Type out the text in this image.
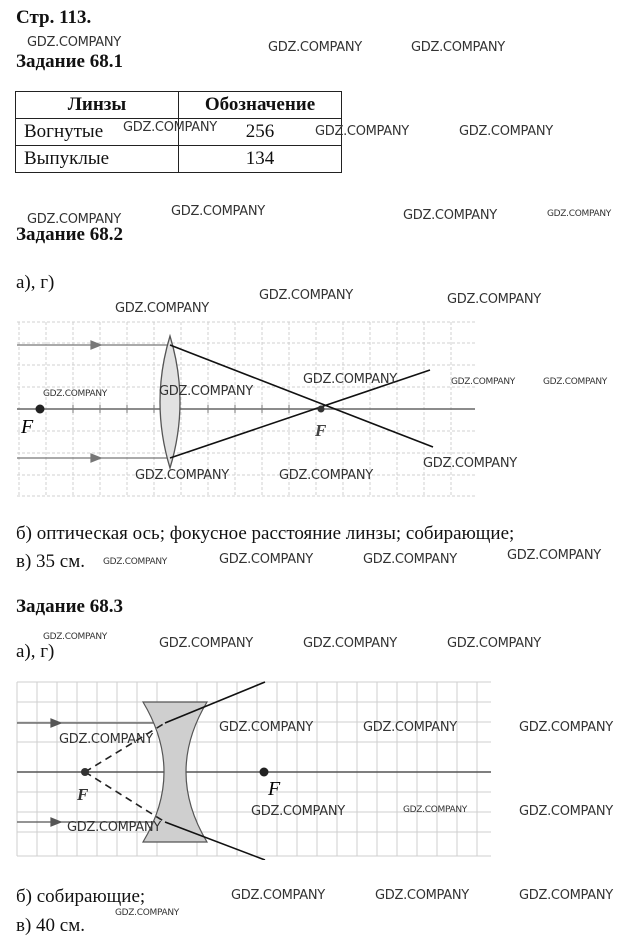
Стр. 113.
Задание 68.1
Линзы	Обозначение
Вогнутые	256
Выпуклые	134
Задание 68.2
а), г)
F	F
б) оптическая ось; фокусное расстояние линзы; собирающие;
в) 35 см.
Задание 68.3
а), г)
F	F
б) собирающие;
в) 40 см.
GDZ.COMPANY	GDZ.COMPANY	GDZ.COMPANY
GDZ.COMPANY	GDZ.COMPANY	GDZ.COMPANY
GDZ.COMPANY
GDZ.COMPANY	GDZ.COMPANY	GDZ.COMPANY
GDZ.COMPANY
GDZ.COMPANY	GDZ.COMPANY
GDZ.COMPANY	GDZ.COMPANY
GDZ.COMPANY	GDZ.COMPANY	GDZ.COMPANY
GDZ.COMPANY	GDZ.COMPANY
GDZ.COMPANY
GDZ.COMPANY	GDZ.COMPANY	GDZ.COMPANY	GDZ.COMPANY
GDZ.COMPANY	GDZ.COMPANY	GDZ.COMPANY	GDZ.COMPANY
GDZ.COMPANY
GDZ.COMPANY	GDZ.COMPANY	GDZ.COMPANY
GDZ.COMPANY
GDZ.COMPANY	GDZ.COMPANY	GDZ.COMPANY
GDZ.COMPANY	GDZ.COMPANY	GDZ.COMPANY
GDZ.COMPANY
